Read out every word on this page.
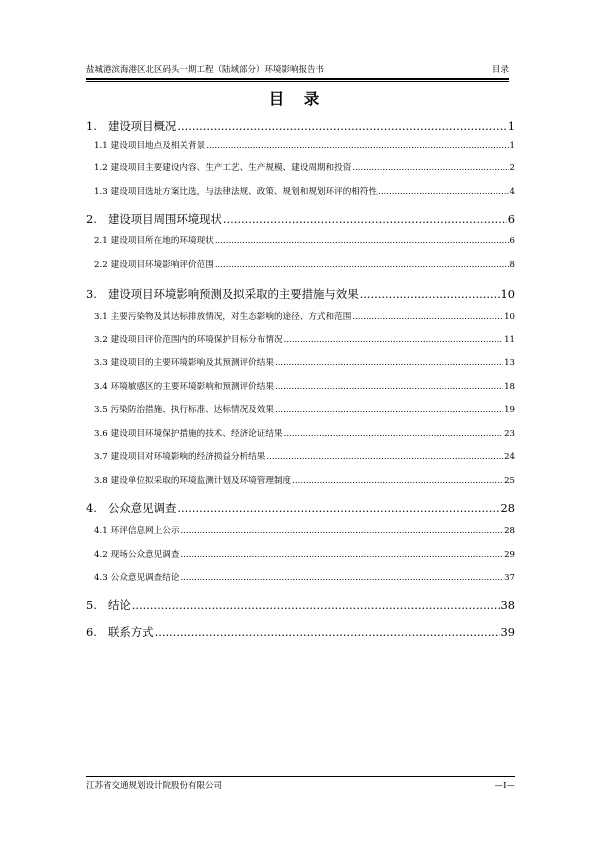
盐城港滨海港区北区码头一期工程（陆域部分）环境影响报告书	目录
目 录
1. 建设项目概况 .....	1
1.1 建设项目地点及相关背景 .....	1
1.2 建设项目主要建设内容、生产工艺、生产规模、建设周期和投资 .....	2
1.3 建设项目选址方案比选，与法律法规、政策、规划和规划环评的相符性 .....	4
2. 建设项目周围环境现状 .....	6
2.1 建设项目所在地的环境现状 .....	6
2.2 建设项目环境影响评价范围 .....	8
3. 建设项目环境影响预测及拟采取的主要措施与效果 .....	10
3.1 主要污染物及其达标排放情况，对生态影响的途径、方式和范围 .....	10
3.2 建设项目评价范围内的环境保护目标分布情况 .....	11
3.3 建设项目的主要环境影响及其预测评价结果 .....	13
3.4 环境敏感区的主要环境影响和预测评价结果 .....	18
3.5 污染防治措施、执行标准、达标情况及效果 .....	19
3.6 建设项目环境保护措施的技术、经济论证结果 .....	23
3.7 建设项目对环境影响的经济损益分析结果 .....	24
3.8 建设单位拟采取的环境监测计划及环境管理制度 .....	25
4. 公众意见调查 .....	28
4.1 环评信息网上公示 .....	28
4.2 现场公众意见调查 .....	29
4.3 公众意见调查结论 .....	37
5. 结论 .....	38
6. 联系方式 .....	39
江苏省交通规划设计院股份有限公司	—I—
